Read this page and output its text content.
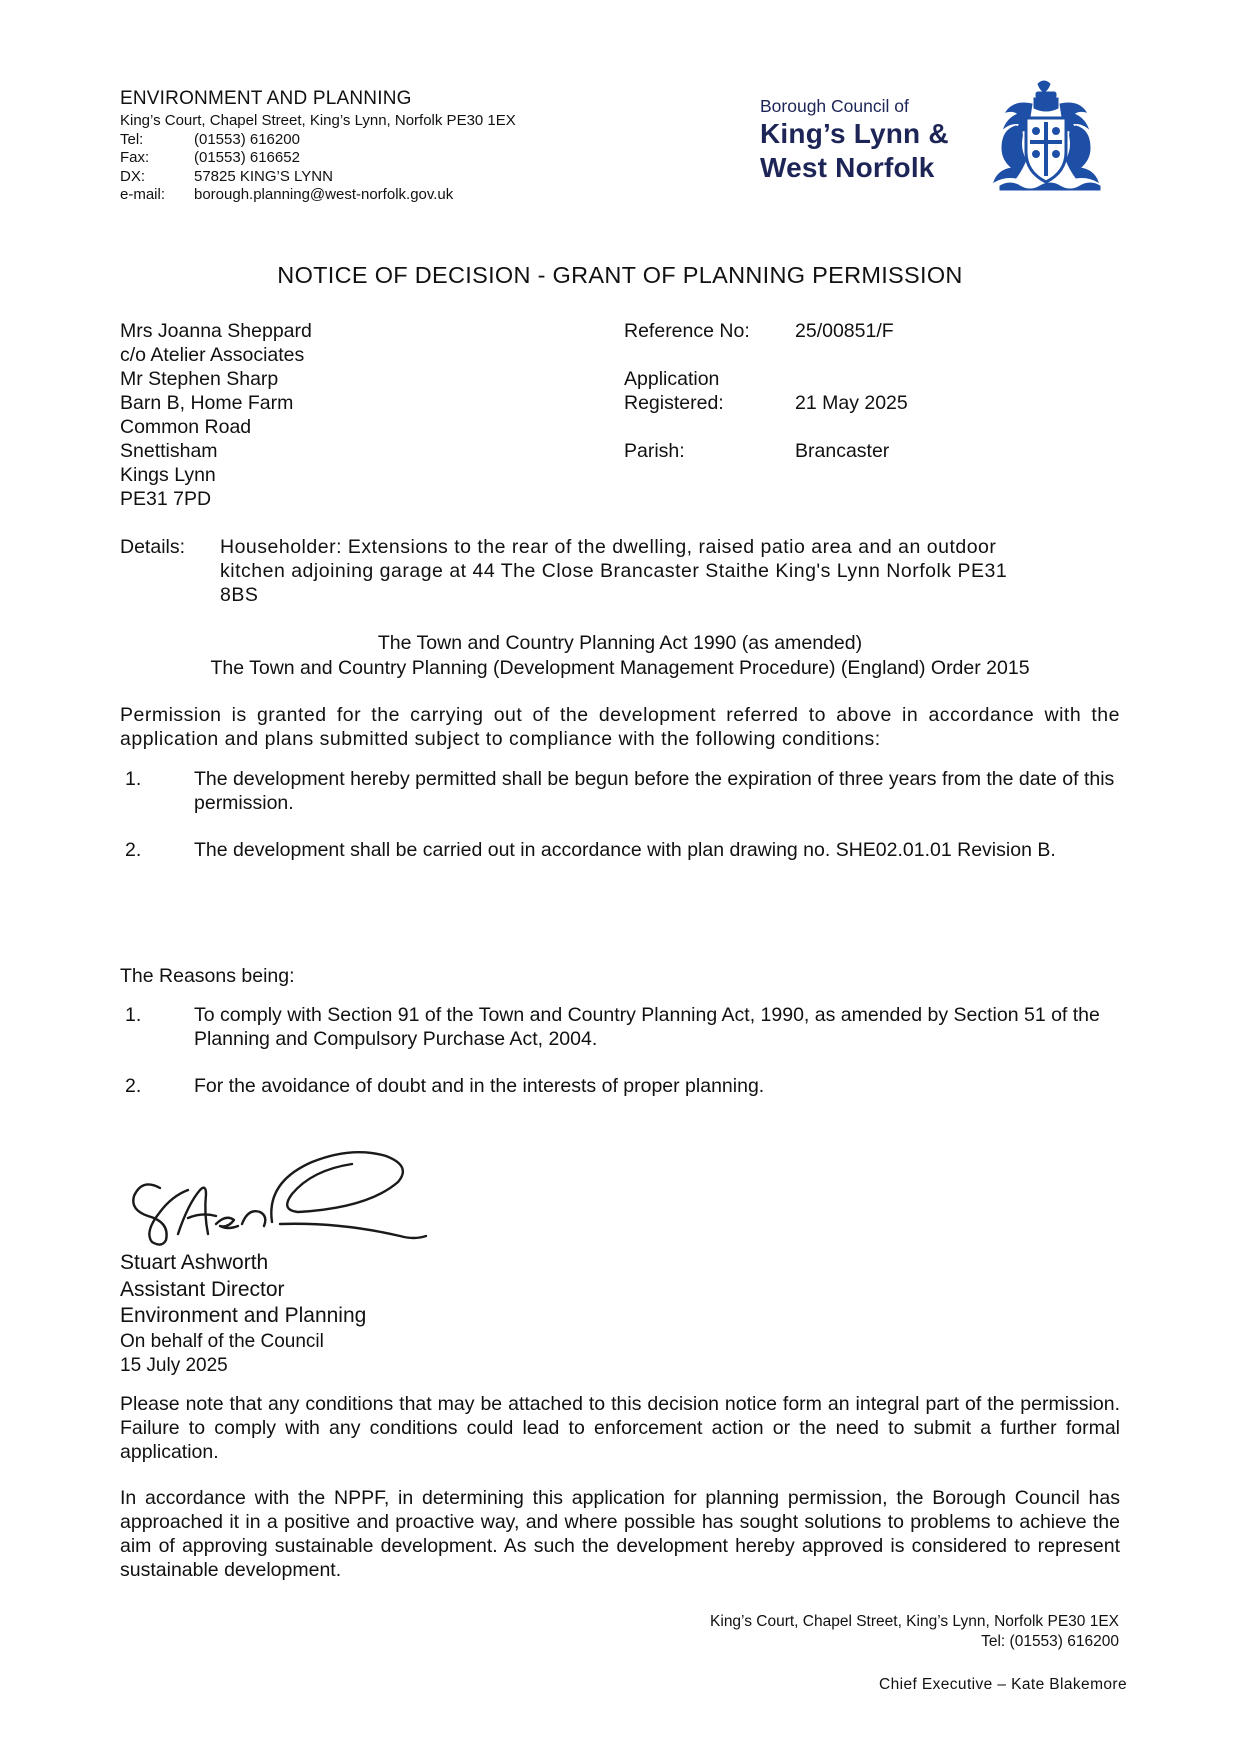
ENVIRONMENT AND PLANNING
King’s Court, Chapel Street, King’s Lynn, Norfolk PE30 1EX
Tel:	(01553) 616200
Fax:	(01553) 616652
DX:	57825 KING’S LYNN
e-mail:	borough.planning@west-norfolk.gov.uk
Borough Council of
King’s Lynn &
West Norfolk
NOTICE OF DECISION - GRANT OF PLANNING PERMISSION
Mrs Joanna Sheppard
c/o Atelier Associates
Mr Stephen Sharp
Barn B, Home Farm
Common Road
Snettisham
Kings Lynn
PE31 7PD
Reference No:	25/00851/F
Application
Registered:	21 May 2025
Parish:	Brancaster
Details:	Householder: Extensions to the rear of the dwelling, raised patio area and an outdoor
kitchen adjoining garage at 44 The Close Brancaster Staithe King's Lynn Norfolk PE31
8BS
The Town and Country Planning Act 1990 (as amended)
The Town and Country Planning (Development Management Procedure) (England) Order 2015
Permission is granted for the carrying out of the development referred to above in accordance with the application and plans submitted subject to compliance with the following conditions:
1.	The development hereby permitted shall be begun before the expiration of three years from the date of this permission.
2.	The development shall be carried out in accordance with plan drawing no. SHE02.01.01 Revision B.
The Reasons being:
1.	To comply with Section 91 of the Town and Country Planning Act, 1990, as amended by Section 51 of the Planning and Compulsory Purchase Act, 2004.
2.	For the avoidance of doubt and in the interests of proper planning.
Stuart Ashworth
Assistant Director
Environment and Planning
On behalf of the Council
15 July 2025
Please note that any conditions that may be attached to this decision notice form an integral part of the permission. Failure to comply with any conditions could lead to enforcement action or the need to submit a further formal application.
In accordance with the NPPF, in determining this application for planning permission, the Borough Council has approached it in a positive and proactive way, and where possible has sought solutions to problems to achieve the aim of approving sustainable development. As such the development hereby approved is considered to represent sustainable development.
King’s Court, Chapel Street, King’s Lynn, Norfolk PE30 1EX
Tel: (01553) 616200
Chief Executive – Kate Blakemore
